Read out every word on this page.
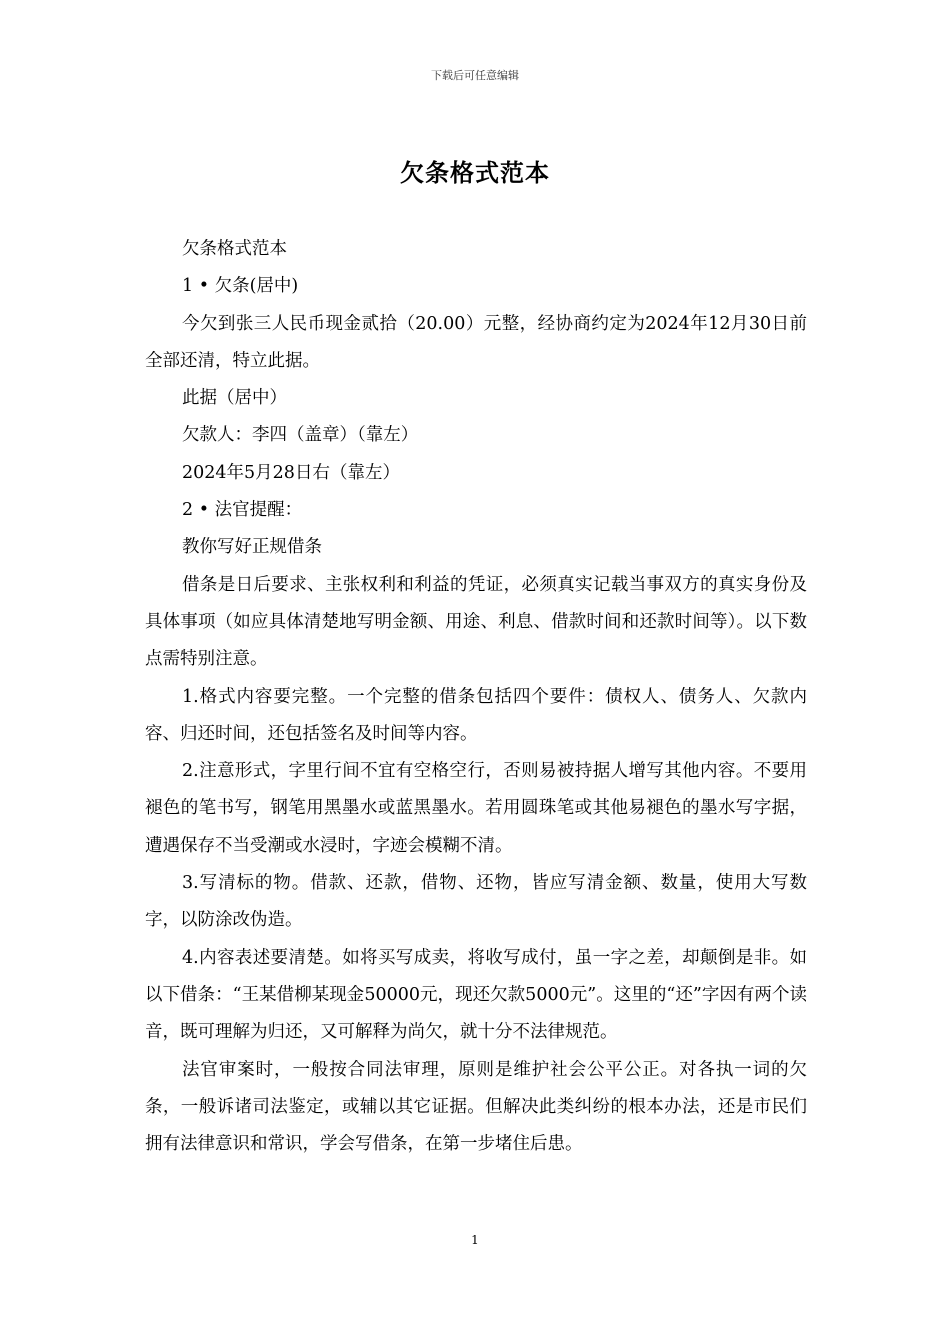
下载后可任意编辑
欠条格式范本

欠条格式范本

1 • 欠条(居中)

今欠到张三人民币现金贰拾（20.00）元整，经协商约定为2024年12月30日前全部还清，特立此据。

此据（居中）

欠款人：李四（盖章）（靠左）

2024年5月28日右（靠左）

2 • 法官提醒：

教你写好正规借条

借条是日后要求、主张权利和利益的凭证，必须真实记载当事双方的真实身份及具体事项（如应具体清楚地写明金额、用途、利息、借款时间和还款时间等）。以下数点需特别注意。

1.格式内容要完整。一个完整的借条包括四个要件：债权人、债务人、欠款内容、归还时间，还包括签名及时间等内容。

2.注意形式，字里行间不宜有空格空行，否则易被持据人增写其他内容。不要用褪色的笔书写，钢笔用黑墨水或蓝黑墨水。若用圆珠笔或其他易褪色的墨水写字据，遭遇保存不当受潮或水浸时，字迹会模糊不清。

3.写清标的物。借款、还款，借物、还物，皆应写清金额、数量，使用大写数字，以防涂改伪造。

4.内容表述要清楚。如将买写成卖，将收写成付，虽一字之差，却颠倒是非。如以下借条：“王某借柳某现金50000元，现还欠款5000元”。这里的“还”字因有两个读音，既可理解为归还，又可解释为尚欠，就十分不法律规范。

法官审案时，一般按合同法审理，原则是维护社会公平公正。对各执一词的欠条，一般诉诸司法鉴定，或辅以其它证据。但解决此类纠纷的根本办法，还是市民们拥有法律意识和常识，学会写借条，在第一步堵住后患。

1
